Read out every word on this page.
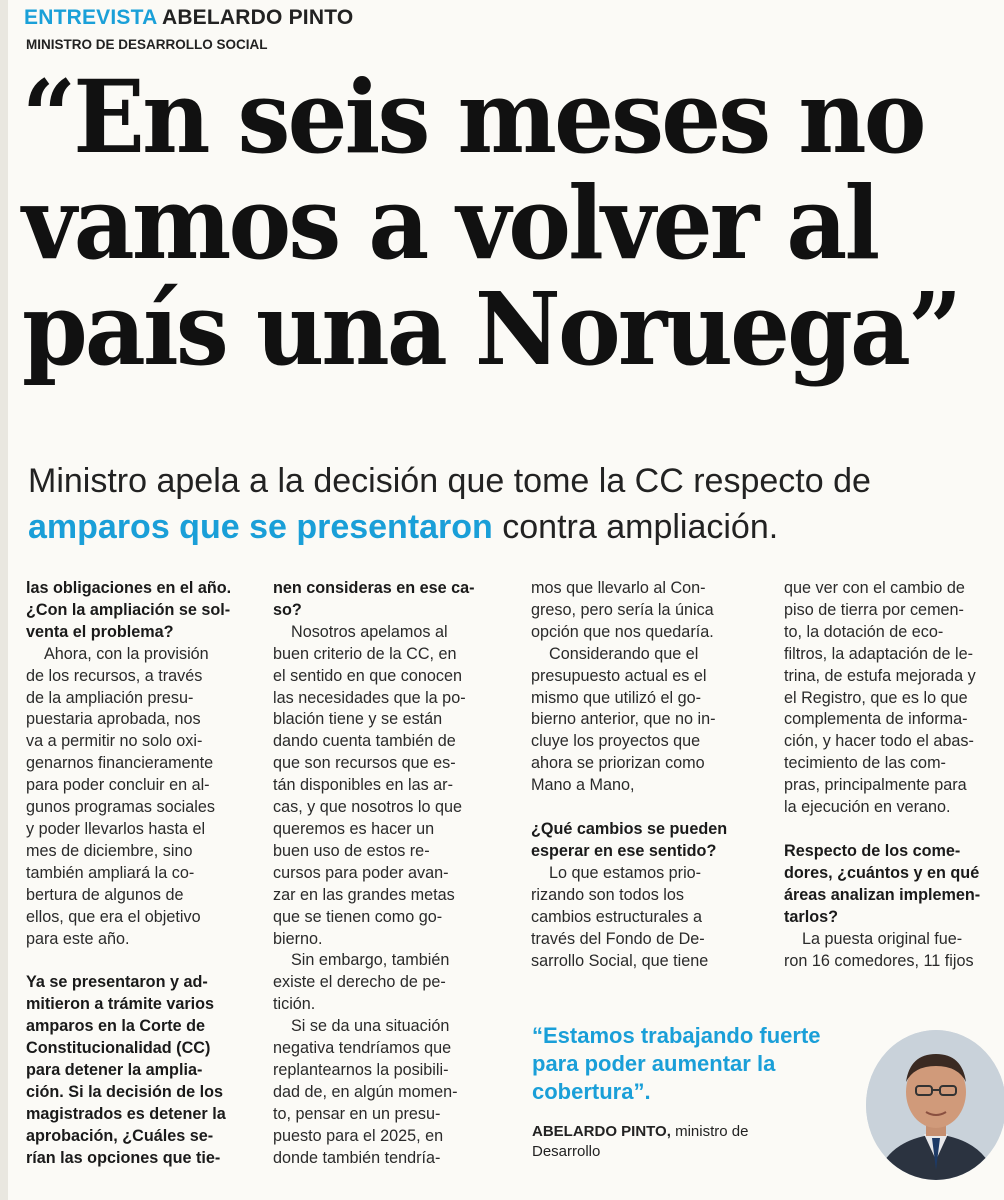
ENTREVISTA ABELARDO PINTO
MINISTRO DE DESARROLLO SOCIAL
“En seis meses no
vamos a volver al
país una Noruega”
Ministro apela a la decisión que tome la CC respecto de
amparos que se presentaron contra ampliación.

las obligaciones en el año.
¿Con la ampliación se sol-
venta el problema?

Ahora, con la provisión
de los recursos, a través
de la ampliación presu-
puestaria aprobada, nos
va a permitir no solo oxi-
genarnos financieramente
para poder concluir en al-
gunos programas sociales
y poder llevarlos hasta el
mes de diciembre, sino
también ampliará la co-
bertura de algunos de
ellos, que era el objetivo
para este año.

Ya se presentaron y ad-
mitieron a trámite varios
amparos en la Corte de
Constitucionalidad (CC)
para detener la amplia-
ción. Si la decisión de los
magistrados es detener la
aprobación, ¿Cuáles se-
rían las opciones que tie-

nen consideras en ese ca-
so?

Nosotros apelamos al
buen criterio de la CC, en
el sentido en que conocen
las necesidades que la po-
blación tiene y se están
dando cuenta también de
que son recursos que es-
tán disponibles en las ar-
cas, y que nosotros lo que
queremos es hacer un
buen uso de estos re-
cursos para poder avan-
zar en las grandes metas
que se tienen como go-
bierno.

Sin embargo, también
existe el derecho de pe-
tición.

Si se da una situación
negativa tendríamos que
replantearnos la posibili-
dad de, en algún momen-
to, pensar en un presu-
puesto para el 2025, en
donde también tendría-

mos que llevarlo al Con-
greso, pero sería la única
opción que nos quedaría.

Considerando que el
presupuesto actual es el
mismo que utilizó el go-
bierno anterior, que no in-
cluye los proyectos que
ahora se priorizan como
Mano a Mano,

¿Qué cambios se pueden
esperar en ese sentido?

Lo que estamos prio-
rizando son todos los
cambios estructurales a
través del Fondo de De-
sarrollo Social, que tiene

que ver con el cambio de
piso de tierra por cemen-
to, la dotación de eco-
filtros, la adaptación de le-
trina, de estufa mejorada y
el Registro, que es lo que
complementa de informa-
ción, y hacer todo el abas-
tecimiento de las com-
pras, principalmente para
la ejecución en verano.

Respecto de los come-
dores, ¿cuántos y en qué
áreas analizan implemen-
tarlos?

La puesta original fue-
ron 16 comedores, 11 fijos

“Estamos trabajando fuerte para poder aumentar la cobertura”.
ABELARDO PINTO, ministro de Desarrollo
